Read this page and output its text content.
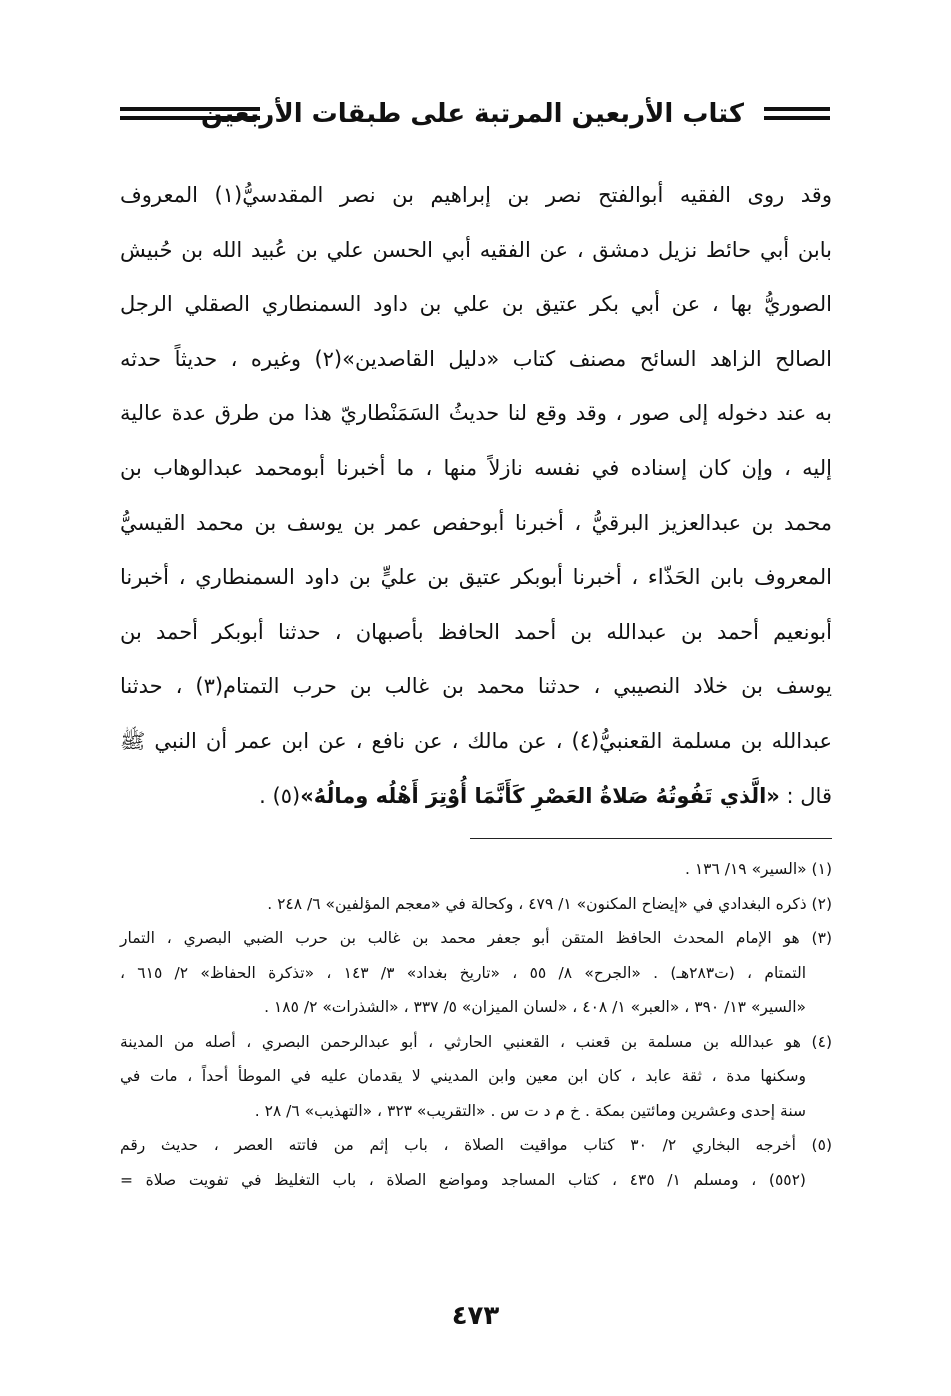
كتاب الأربعين المرتبة على طبقات الأربعين
وقد روى الفقيه أبوالفتح نصر بن إبراهيم بن نصر المقدسيُّ(١) المعروف
بابن أبي حائط نزيل دمشق ، عن الفقيه أبي الحسن علي بن عُبيد الله بن حُبيش
الصوريُّ بها ، عن أبي بكر عتيق بن علي بن داود السمنطاري الصقلي الرجل
الصالح الزاهد السائح مصنف كتاب «دليل القاصدين»(٢) وغيره ، حديثاً حدثه
به عند دخوله إلى صور ، وقد وقع لنا حديثُ السَمَنْطاريّ هذا من طرق عدة عالية
إليه ، وإن كان إسناده في نفسه نازلاً منها ، ما أخبرنا أبومحمد عبدالوهاب بن
محمد بن عبدالعزيز البرقيُّ ، أخبرنا أبوحفص عمر بن يوسف بن محمد القيسيُّ
المعروف بابن الحَذّاء ، أخبرنا أبوبكر عتيق بن عليٍّ بن داود السمنطاري ، أخبرنا
أبونعيم أحمد بن عبدالله بن أحمد الحافظ بأصبهان ، حدثنا أبوبكر أحمد بن
يوسف بن خلاد النصيبي ، حدثنا محمد بن غالب بن حرب التمتام(٣) ، حدثنا
عبدالله بن مسلمة القعنبيُّ(٤) ، عن مالك ، عن نافع ، عن ابن عمر أن النبي ﷺ
قال : «الَّذي تَفُوتُهُ صَلاةُ العَصْرِ كَأَنَّمَا أُوْتِرَ أَهْلُه ومالُهُ»(٥) .
(١) «السير» ١٩/ ١٣٦ .
(٢) ذكره البغدادي في «إيضاح المكنون» ١/ ٤٧٩ ، وكحالة في «معجم المؤلفين» ٦/ ٢٤٨ .
(٣) هو الإمام المحدث الحافظ المتقن أبو جعفر محمد بن غالب بن حرب الضبي البصري ، التمار
التمتام ، (ت٢٨٣هـ) . «الجرح» ٨/ ٥٥ ، «تاريخ بغداد» ٣/ ١٤٣ ، «تذكرة الحفاظ» ٢/ ٦١٥ ،
«السير» ١٣/ ٣٩٠ ، «العبر» ١/ ٤٠٨ ، «لسان الميزان» ٥/ ٣٣٧ ، «الشذرات» ٢/ ١٨٥ .
(٤) هو عبدالله بن مسلمة بن قعنب ، القعنبي الحارثي ، أبو عبدالرحمن البصري ، أصله من المدينة
وسكنها مدة ، ثقة عابد ، كان ابن معين وابن المديني لا يقدمان عليه في الموطأ أحداً ، مات في
سنة إحدى وعشرين ومائتين بمكة . خ م د ت س . «التقريب» ٣٢٣ ، «التهذيب» ٦/ ٢٨ .
(٥) أخرجه البخاري ٢/ ٣٠ كتاب مواقيت الصلاة ، باب إثم من فاتته العصر ، حديث رقم
(٥٥٢) ، ومسلم ١/ ٤٣٥ ، كتاب المساجد ومواضع الصلاة ، باب التغليظ في تفويت صلاة =
٤٧٣
